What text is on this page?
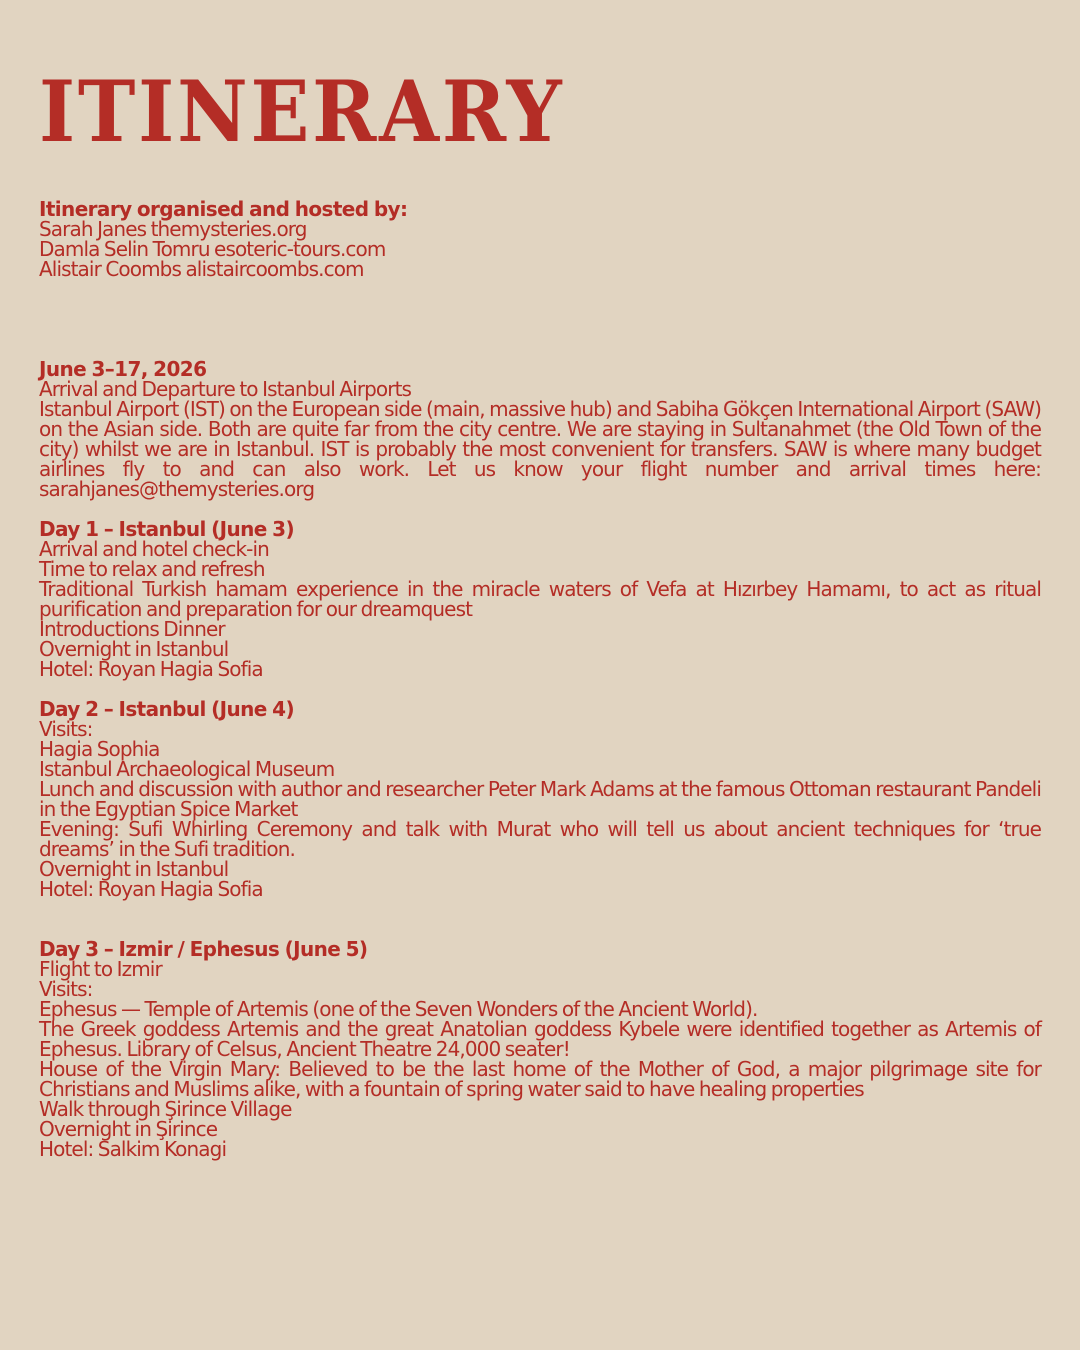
ITINERARY
Itinerary organised and hosted by:
Sarah Janes themysteries.org
Damla Selin Tomru esoteric-tours.com
Alistair Coombs alistaircoombs.com
June 3–17, 2026
Arrival and Departure to Istanbul Airports
Istanbul Airport (IST) on the European side (main, massive hub) and Sabiha Gökçen International Airport (SAW) on the Asian side. Both are quite far from the city centre. We are staying in Sultanahmet (the Old Town of the city) whilst we are in Istanbul. IST is probably the most convenient for transfers. SAW is where many budget airlines fly to and can also work. Let us know your flight number and arrival times here: sarahjanes@themysteries.org
Day 1 – Istanbul (June 3)
Arrival and hotel check-in
Time to relax and refresh
Traditional Turkish hamam experience in the miracle waters of Vefa at Hızırbey Hamamı, to act as ritual purification and preparation for our dreamquest
Introductions Dinner
Overnight in Istanbul
Hotel: Royan Hagia Sofia
Day 2 – Istanbul (June 4)
Visits:
Hagia Sophia
Istanbul Archaeological Museum
Lunch and discussion with author and researcher Peter Mark Adams at the famous Ottoman restaurant Pandeli in the Egyptian Spice Market
Evening: Sufi Whirling Ceremony and talk with Murat who will tell us about ancient techniques for ‘true dreams’ in the Sufi tradition.
Overnight in Istanbul
Hotel: Royan Hagia Sofia
Day 3 – Izmir / Ephesus (June 5)
Flight to Izmir
Visits:
Ephesus — Temple of Artemis (one of the Seven Wonders of the Ancient World).
The Greek goddess Artemis and the great Anatolian goddess Kybele were identified together as Artemis of Ephesus. Library of Celsus, Ancient Theatre 24,000 seater!
House of the Virgin Mary: Believed to be the last home of the Mother of God, a major pilgrimage site for Christians and Muslims alike, with a fountain of spring water said to have healing properties
Walk through Şirince Village
Overnight in Şirince
Hotel: Salkim Konagi
